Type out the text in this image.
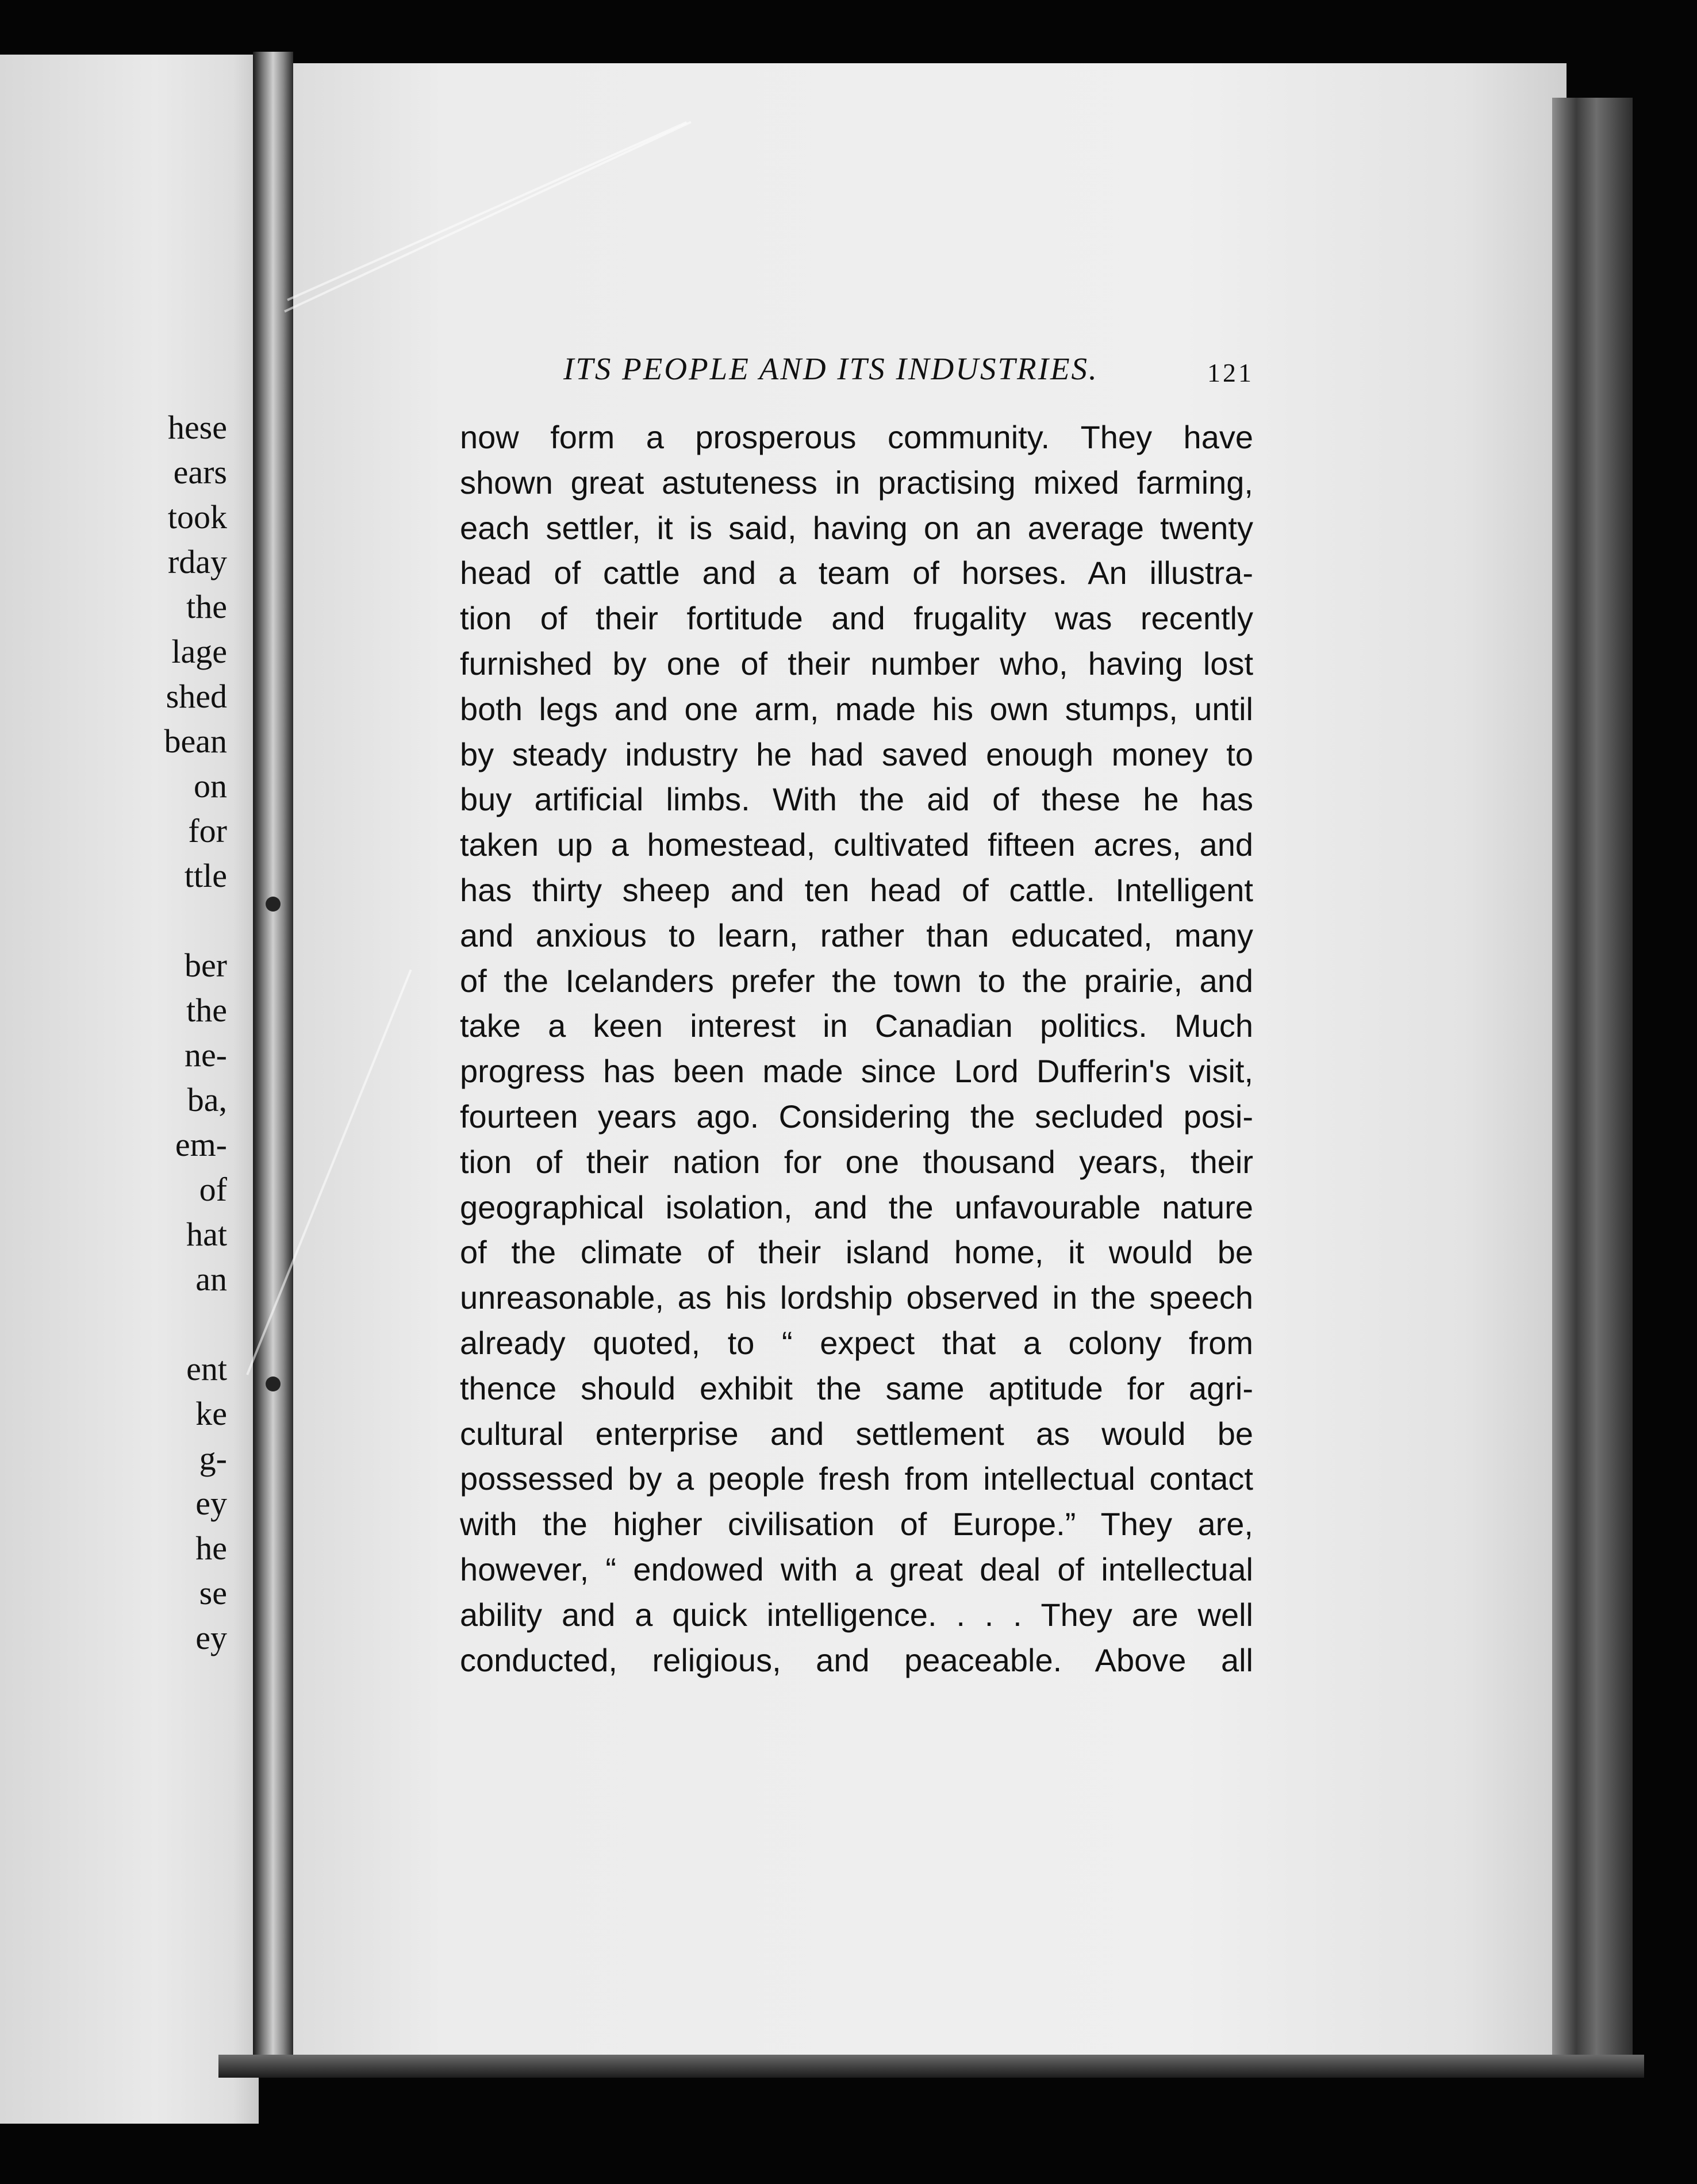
hese
ears
took
rday
the
lage
shed
bean
on
for
ttle
ber
the
ne-
ba,
em-
of
hat
an
ent
ke
g-
ey
he
se
ey
ITS PEOPLE AND ITS INDUSTRIES.	121
now form a prosperous community. They have
shown great astuteness in practising mixed farming,
each settler, it is said, having on an average twenty
head of cattle and a team of horses. An illustra-
tion of their fortitude and frugality was recently
furnished by one of their number who, having lost
both legs and one arm, made his own stumps, until
by steady industry he had saved enough money to
buy artificial limbs. With the aid of these he has
taken up a homestead, cultivated fifteen acres, and
has thirty sheep and ten head of cattle. Intelligent
and anxious to learn, rather than educated, many
of the Icelanders prefer the town to the prairie, and
take a keen interest in Canadian politics. Much
progress has been made since Lord Dufferin's visit,
fourteen years ago. Considering the secluded posi-
tion of their nation for one thousand years, their
geographical isolation, and the unfavourable nature
of the climate of their island home, it would be
unreasonable, as his lordship observed in the speech
already quoted, to “ expect that a colony from
thence should exhibit the same aptitude for agri-
cultural enterprise and settlement as would be
possessed by a people fresh from intellectual contact
with the higher civilisation of Europe.” They are,
however, “ endowed with a great deal of intellectual
ability and a quick intelligence. . . . They are well
conducted, religious, and peaceable. Above all
